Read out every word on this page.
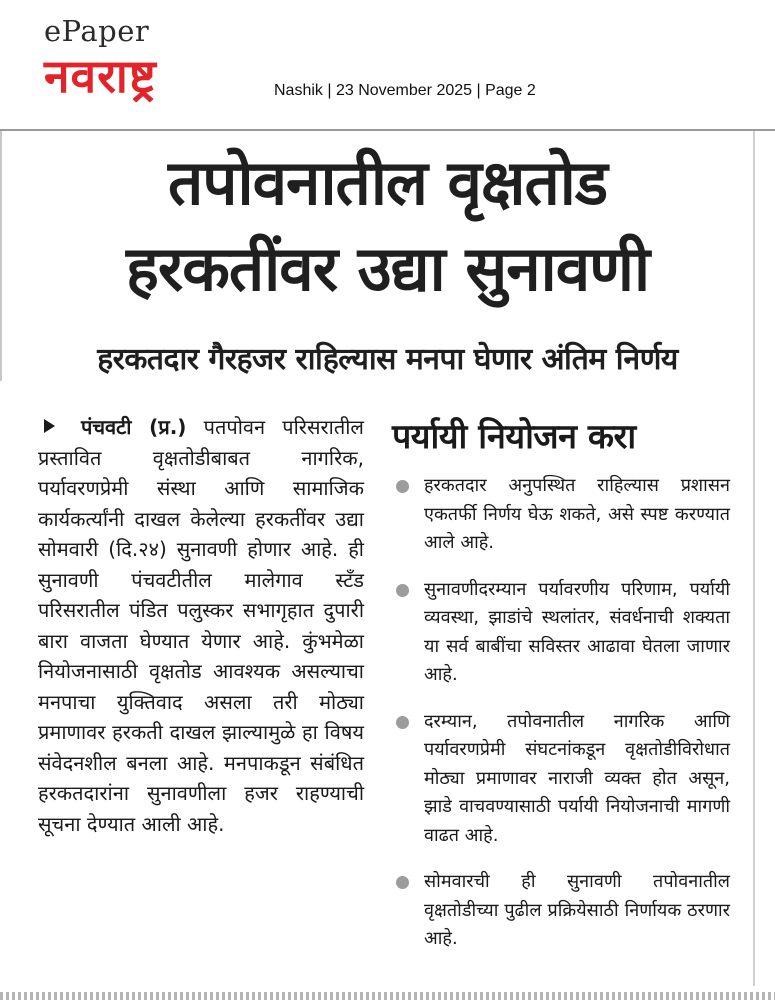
ePaper
नवराष्ट्र	Nashik | 23 November 2025 | Page 2
तपोवनातील वृक्षतोड
हरकतींवर उद्या सुनावणी
हरकतदार गैरहजर राहिल्यास मनपा घेणार अंतिम निर्णय

पंचवटी (प्र.) पतपोवन परिसरातील प्रस्तावित वृक्षतोडीबाबत नागरिक, पर्यावरणप्रेमी संस्था आणि सामाजिक कार्यकर्त्यांनी दाखल केलेल्या हरकतींवर उद्या सोमवारी (दि.२४) सुनावणी होणार आहे. ही सुनावणी पंचवटीतील मालेगाव स्टँड परिसरातील पंडित पलुस्कर सभागृहात दुपारी बारा वाजता घेण्यात येणार आहे. कुंभमेळा नियोजनासाठी वृक्षतोड आवश्यक असल्याचा मनपाचा युक्तिवाद असला तरी मोठ्या प्रमाणावर हरकती दाखल झाल्यामुळे हा विषय संवेदनशील बनला आहे. मनपाकडून संबंधित हरकतदारांना सुनावणीला हजर राहण्याची सूचना देण्यात आली आहे.

पर्यायी नियोजन करा
हरकतदार अनुपस्थित राहिल्यास प्रशासन एकतर्फी निर्णय घेऊ शकते, असे स्पष्ट करण्यात आले आहे.
सुनावणीदरम्यान पर्यावरणीय परिणाम, पर्यायी व्यवस्था, झाडांचे स्थलांतर, संवर्धनाची शक्यता या सर्व बाबींचा सविस्तर आढावा घेतला जाणार आहे.
दरम्यान, तपोवनातील नागरिक आणि पर्यावरणप्रेमी संघटनांकडून वृक्षतोडीविरोधात मोठ्या प्रमाणावर नाराजी व्यक्त होत असून, झाडे वाचवण्यासाठी पर्यायी नियोजनाची मागणी वाढत आहे.
सोमवारची ही सुनावणी तपोवनातील वृक्षतोडीच्या पुढील प्रक्रियेसाठी निर्णायक ठरणार आहे.
